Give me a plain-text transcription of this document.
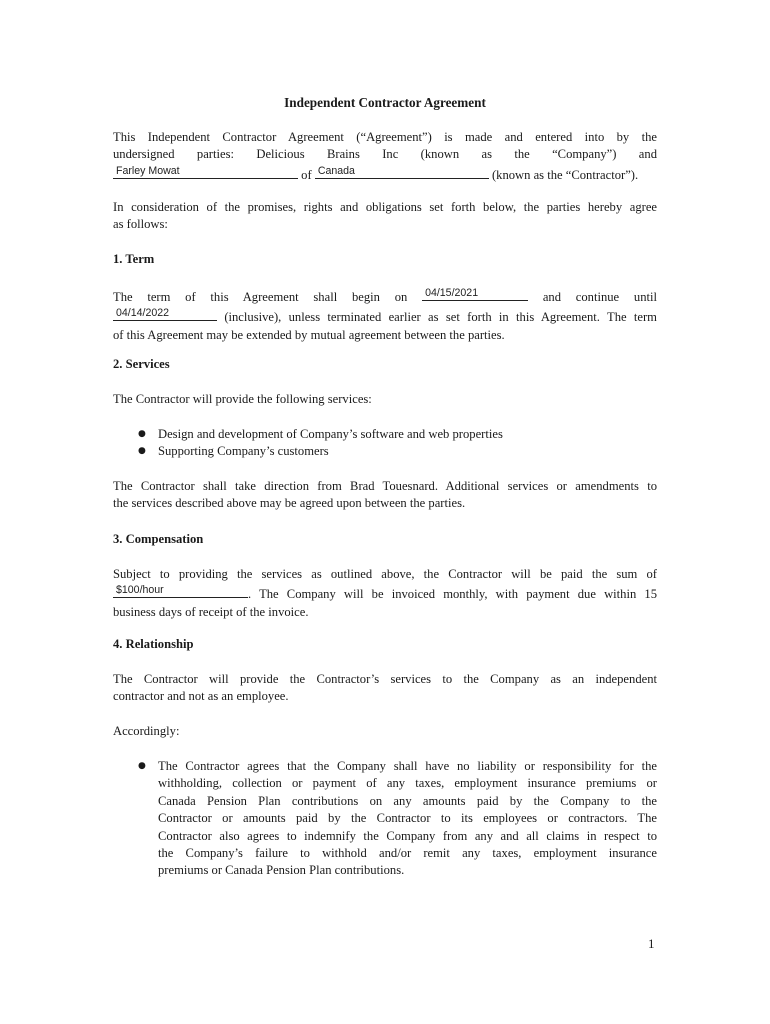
Independent Contractor Agreement
This Independent Contractor Agreement (“Agreement”) is made and entered into by the
undersigned parties: Delicious Brains Inc (known as the “Company”) and
Farley Mowat	of Canada	(known as the “Contractor”).
In consideration of the promises, rights and obligations set forth below, the parties hereby agree
as follows:
1. Term
The term of this Agreement shall begin on 04/15/2021	and continue until
04/14/2022	(inclusive), unless terminated earlier as set forth in this Agreement. The term
of this Agreement may be extended by mutual agreement between the parties.
2. Services
The Contractor will provide the following services:
● Design and development of Company’s software and web properties
● Supporting Company’s customers
The Contractor shall take direction from Brad Touesnard. Additional services or amendments to
the services described above may be agreed upon between the parties.
3. Compensation
Subject to providing the services as outlined above, the Contractor will be paid the sum of
$100/hour	. The Company will be invoiced monthly, with payment due within 15
business days of receipt of the invoice.
4. Relationship
The Contractor will provide the Contractor’s services to the Company as an independent
contractor and not as an employee.
Accordingly:
● The Contractor agrees that the Company shall have no liability or responsibility for the
withholding, collection or payment of any taxes, employment insurance premiums or
Canada Pension Plan contributions on any amounts paid by the Company to the
Contractor or amounts paid by the Contractor to its employees or contractors. The
Contractor also agrees to indemnify the Company from any and all claims in respect to
the Company’s failure to withhold and/or remit any taxes, employment insurance
premiums or Canada Pension Plan contributions.
1
